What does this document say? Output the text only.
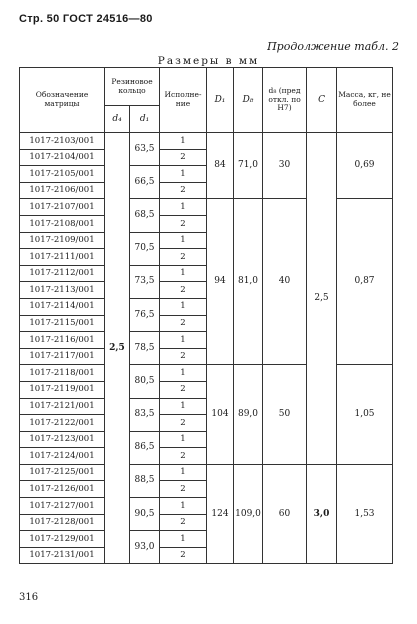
Стр. 50 ГОСТ 24516—80
Продолжение табл. 2
Размеры в мм
Обозначение матрицы	Резиновое кольцо		Исполне-ние	D₁	D₈	d₈ (пред откл. по Н7)	C	Масса, кг, не более
	d₄	d₁						
1017-2103/001	2,5	63,5	1	84	71,0	30	2,5	0,69
1017-2104/001			2					
1017-2105/001		66,5	1					
1017-2106/001			2					
1017-2107/001		68,5	1	94	81,0	40		0,87
1017-2108/001			2					
1017-2109/001		70,5	1					
1017-2111/001			2					
1017-2112/001		73,5	1					
1017-2113/001			2					
1017-2114/001		76,5	1					
1017-2115/001			2					
1017-2116/001		78,5	1					
1017-2117/001			2					
1017-2118/001		80,5	1	104	89,0	50		1,05
1017-2119/001			2					
1017-2121/001		83,5	1					
1017-2122/001			2					
1017-2123/001		86,5	1					
1017-2124/001			2					
1017-2125/001		88,5	1	124	109,0	60	3,0	1,53
1017-2126/001			2					
1017-2127/001		90,5	1					
1017-2128/001			2					
1017-2129/001		93,0	1					
1017-2131/001			2					
316
